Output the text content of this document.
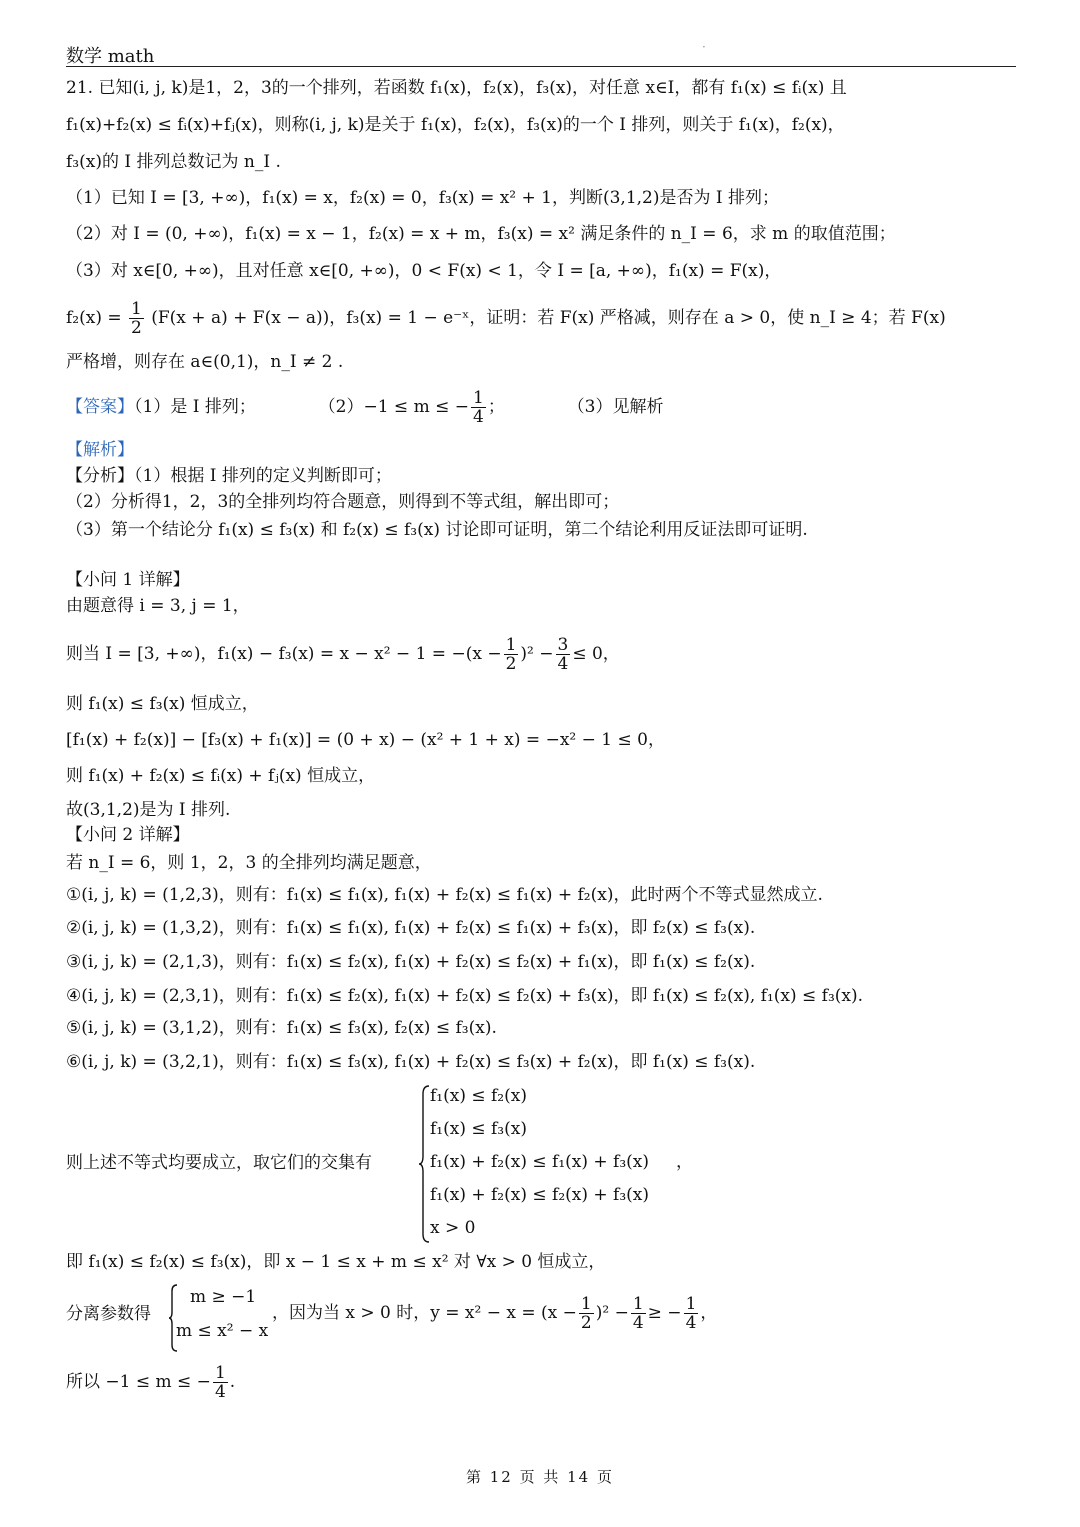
数学 math	·
21. 已知(i, j, k)是1，2，3的一个排列，若函数 f₁(x)，f₂(x)，f₃(x)，对任意 x∈I，都有 f₁(x) ≤ fᵢ(x) 且
f₁(x)+f₂(x) ≤ fᵢ(x)+fⱼ(x)，则称(i, j, k)是关于 f₁(x)，f₂(x)，f₃(x)的一个 I 排列，则关于 f₁(x)，f₂(x)，
f₃(x)的 I 排列总数记为 n_I .
（1）已知 I = [3, +∞)，f₁(x) = x，f₂(x) = 0，f₃(x) = x² + 1，判断(3,1,2)是否为 I 排列；
（2）对 I = (0, +∞)，f₁(x) = x − 1，f₂(x) = x + m，f₃(x) = x² 满足条件的 n_I = 6，求 m 的取值范围；
（3）对 x∈[0, +∞)，且对任意 x∈[0, +∞)，0 < F(x) < 1，令 I = [a, +∞)，f₁(x) = F(x)，
$f_2(x) = \frac{1}{2} (F(x + a) + F(x - a))$，f₃(x) = 1 − e⁻ˣ，证明：若 F(x) 严格减，则存在 a > 0，使 n_I ≥ 4；若 F(x)
严格增，则存在 a∈(0,1)，n_I ≠ 2 .
【答案】（1）是 I 排列；	（2）−1 ≤ m ≤ − $\frac{1}{4}$ ；	（3）见解析
【解析】
【分析】（1）根据 I 排列的定义判断即可；
（2）分析得1，2，3的全排列均符合题意，则得到不等式组，解出即可；
（3）第一个结论分 f₁(x) ≤ f₃(x) 和 f₂(x) ≤ f₃(x) 讨论即可证明，第二个结论利用反证法即可证明.
【小问 1 详解】
由题意得 i = 3, j = 1，
则当 I = [3, +∞)，$f_1(x) - f_3(x) = x - x^2 - 1 = -(x - \frac{1}{2} )^2 - \frac{3}{4} \le 0$，
则 f₁(x) ≤ f₃(x) 恒成立，
[f₁(x) + f₂(x)] − [f₃(x) + f₁(x)] = (0 + x) − (x² + 1 + x) = −x² − 1 ≤ 0，
则 f₁(x) + f₂(x) ≤ fᵢ(x) + fⱼ(x) 恒成立，
故(3,1,2)是为 I 排列.
【小问 2 详解】
若 n_I = 6，则 1，2，3 的全排列均满足题意，
①(i, j, k) = (1,2,3)，则有：f₁(x) ≤ f₁(x), f₁(x) + f₂(x) ≤ f₁(x) + f₂(x)，此时两个不等式显然成立.
②(i, j, k) = (1,3,2)，则有：f₁(x) ≤ f₁(x), f₁(x) + f₂(x) ≤ f₁(x) + f₃(x)，即 f₂(x) ≤ f₃(x).
③(i, j, k) = (2,1,3)，则有：f₁(x) ≤ f₂(x), f₁(x) + f₂(x) ≤ f₂(x) + f₁(x)，即 f₁(x) ≤ f₂(x).
④(i, j, k) = (2,3,1)，则有：f₁(x) ≤ f₂(x), f₁(x) + f₂(x) ≤ f₂(x) + f₃(x)，即 f₁(x) ≤ f₂(x), f₁(x) ≤ f₃(x).
⑤(i, j, k) = (3,1,2)，则有：f₁(x) ≤ f₃(x), f₂(x) ≤ f₃(x).
⑥(i, j, k) = (3,2,1)，则有：f₁(x) ≤ f₃(x), f₁(x) + f₂(x) ≤ f₃(x) + f₂(x)，即 f₁(x) ≤ f₃(x).
则上述不等式均要成立，取它们的交集有
f₁(x) ≤ f₂(x)
f₁(x) ≤ f₃(x)
f₁(x) + f₂(x) ≤ f₁(x) + f₃(x)
f₁(x) + f₂(x) ≤ f₂(x) + f₃(x)
x > 0
，
即 f₁(x) ≤ f₂(x) ≤ f₃(x)，即 x − 1 ≤ x + m ≤ x² 对 ∀x > 0 恒成立，
分离参数得
m ≥ −1
m ≤ x² − x
，因为当 x > 0 时，$y = x^2 - x = (x - \frac{1}{2} )^2 - \frac{1}{4}$ ≥ − $\frac{1}{4}$ ，
所以 −1 ≤ m ≤ − $\frac{1}{4}$ .
第 12 页 共 14 页
